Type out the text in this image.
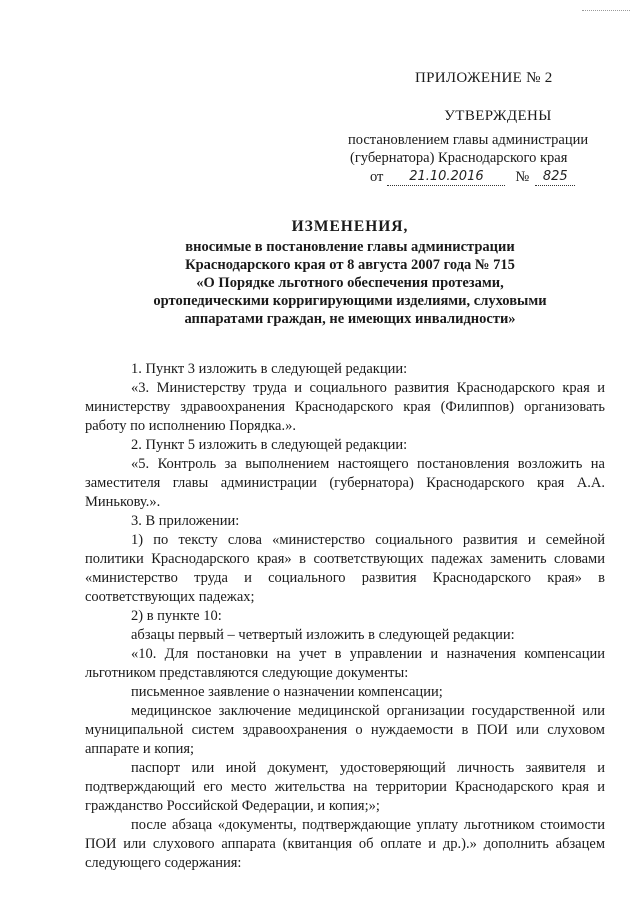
ПРИЛОЖЕНИЕ № 2
УТВЕРЖДЕНЫ
постановлением главы администрации
(губернатора) Краснодарского края
от	21.10.2016	№	825
ИЗМЕНЕНИЯ,
вносимые в постановление главы администрации
Краснодарского края от 8 августа 2007 года № 715
«О Порядке льготного обеспечения протезами,
ортопедическими корригирующими изделиями, слуховыми
аппаратами граждан, не имеющих инвалидности»

1. Пункт 3 изложить в следующей редакции:

«3. Министерству труда и социального развития Краснодарского края и министерству здравоохранения Краснодарского края (Филиппов) организовать работу по исполнению Порядка.».

2. Пункт 5 изложить в следующей редакции:

«5. Контроль за выполнением настоящего постановления возложить на заместителя главы администрации (губернатора) Краснодарского края А.А. Минькову.».

3. В приложении:

1) по тексту слова «министерство социального развития и семейной политики Краснодарского края» в соответствующих падежах заменить словами «министерство труда и социального развития Краснодарского края» в соответствующих падежах;

2) в пункте 10:

абзацы первый – четвертый изложить в следующей редакции:

«10. Для постановки на учет в управлении и назначения компенсации льготником представляются следующие документы:

письменное заявление о назначении компенсации;

медицинское заключение медицинской организации государственной или муниципальной систем здравоохранения о нуждаемости в ПОИ или слуховом аппарате и копия;

паспорт или иной документ, удостоверяющий личность заявителя и подтверждающий его место жительства на территории Краснодарского края и гражданство Российской Федерации, и копия;»;

после абзаца «документы, подтверждающие уплату льготником стоимости ПОИ или слухового аппарата (квитанция об оплате и др.).» дополнить абзацем следующего содержания:
